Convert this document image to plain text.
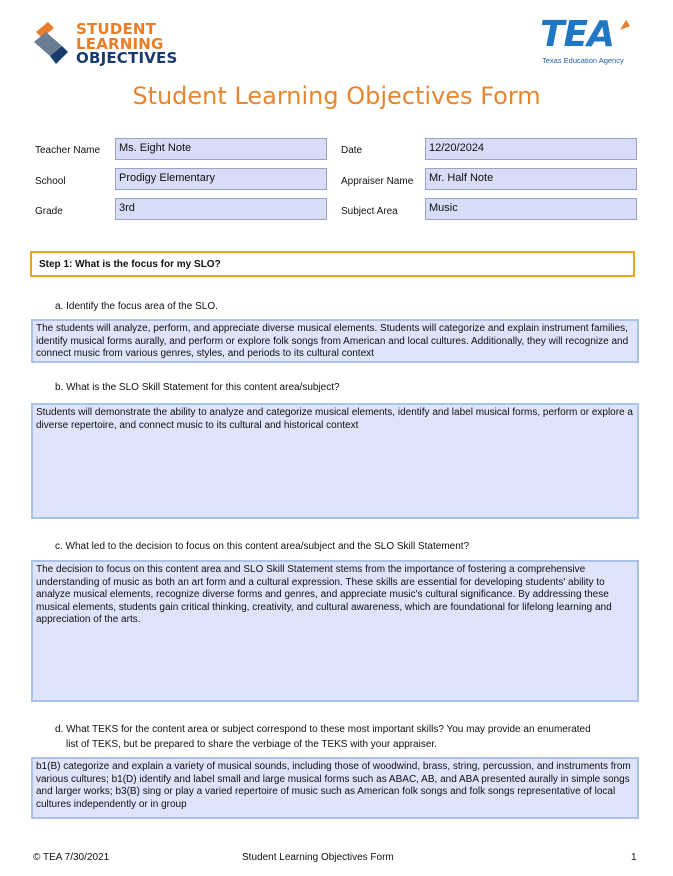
STUDENT
LEARNING
OBJECTIVES
TEA
Texas Education Agency
Student Learning Objectives Form
Teacher Name	Ms. Eight Note	Date	12/20/2024
School	Prodigy Elementary	Appraiser Name	Mr. Half Note
Grade	3rd	Subject Area	Music
Step 1: What is the focus for my SLO?
a. Identify the focus area of the SLO.
The students will analyze, perform, and appreciate diverse musical elements. Students will categorize and explain instrument families, identify musical forms aurally, and perform or explore folk songs from American and local cultures. Additionally, they will recognize and connect music from various genres, styles, and periods to its cultural context
b. What is the SLO Skill Statement for this content area/subject?
Students will demonstrate the ability to analyze and categorize musical elements, identify and label musical forms, perform or explore a diverse repertoire, and connect music to its cultural and historical context
c. What led to the decision to focus on this content area/subject and the SLO Skill Statement?
The decision to focus on this content area and SLO Skill Statement stems from the importance of fostering a comprehensive understanding of music as both an art form and a cultural expression. These skills are essential for developing students' ability to analyze musical elements, recognize diverse forms and genres, and appreciate music's cultural significance. By addressing these musical elements, students gain critical thinking, creativity, and cultural awareness, which are foundational for lifelong learning and appreciation of the arts.
d. What TEKS for the content area or subject correspond to these most important skills? You may provide an enumerated
list of TEKS, but be prepared to share the verbiage of the TEKS with your appraiser.
b1(B) categorize and explain a variety of musical sounds, including those of woodwind, brass, string, percussion, and instruments from various cultures; b1(D) identify and label small and large musical forms such as ABAC, AB, and ABA presented aurally in simple songs and larger works; b3(B) sing or play a varied repertoire of music such as American folk songs and folk songs representative of local cultures independently or in group
© TEA 7/30/2021	Student Learning Objectives Form	1
